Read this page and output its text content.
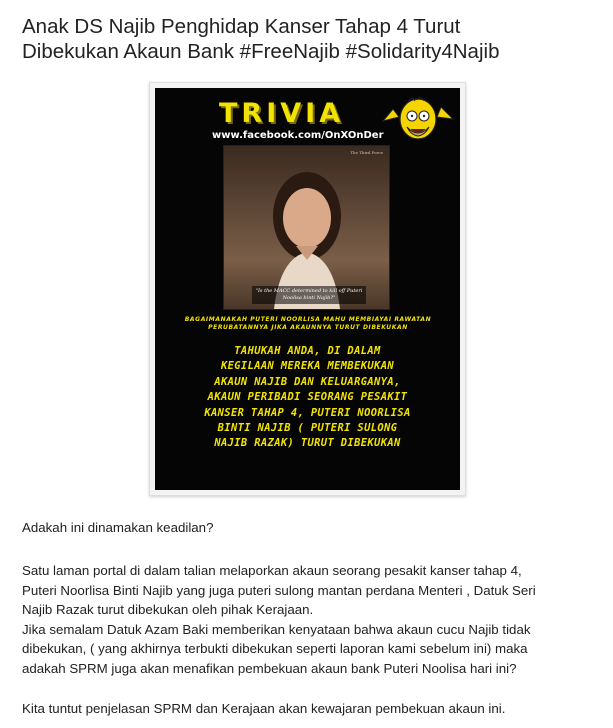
Anak DS Najib Penghidap Kanser Tahap 4 Turut
Dibekukan Akaun Bank #FreeNajib #Solidarity4Najib
TRIVIA
www.facebook.com/OnXOnDer
The Third Force
"Is the MACC determined to kill off Puteri Noolisa binti Najib?"
BAGAIMANAKAH PUTERI NOORLISA MAHU MEMBIAYAI RAWATAN
PERUBATANNYA JIKA AKAUNNYA TURUT DIBEKUKAN
TAHUKAH ANDA, DI DALAM
KEGILAAN MEREKA MEMBEKUKAN
AKAUN NAJIB DAN KELUARGANYA,
AKAUN PERIBADI SEORANG PESAKIT
KANSER TAHAP 4, PUTERI NOORLISA
BINTI NAJIB ( PUTERI SULONG
NAJIB RAZAK) TURUT DIBEKUKAN

Adakah ini dinamakan keadilan?

Satu laman portal di dalam talian melaporkan akaun seorang pesakit kanser tahap 4,
Puteri Noorlisa Binti Najib yang juga puteri sulong mantan perdana Menteri , Datuk Seri
Najib Razak turut dibekukan oleh pihak Kerajaan.
Jika semalam Datuk Azam Baki memberikan kenyataan bahwa akaun cucu Najib tidak
dibekukan, ( yang akhirnya terbukti dibekukan seperti laporan kami sebelum ini) maka
adakah SPRM juga akan menafikan pembekuan akaun bank Puteri Noolisa hari ini?

Kita tuntut penjelasan SPRM dan Kerajaan akan kewajaran pembekuan akaun ini.
